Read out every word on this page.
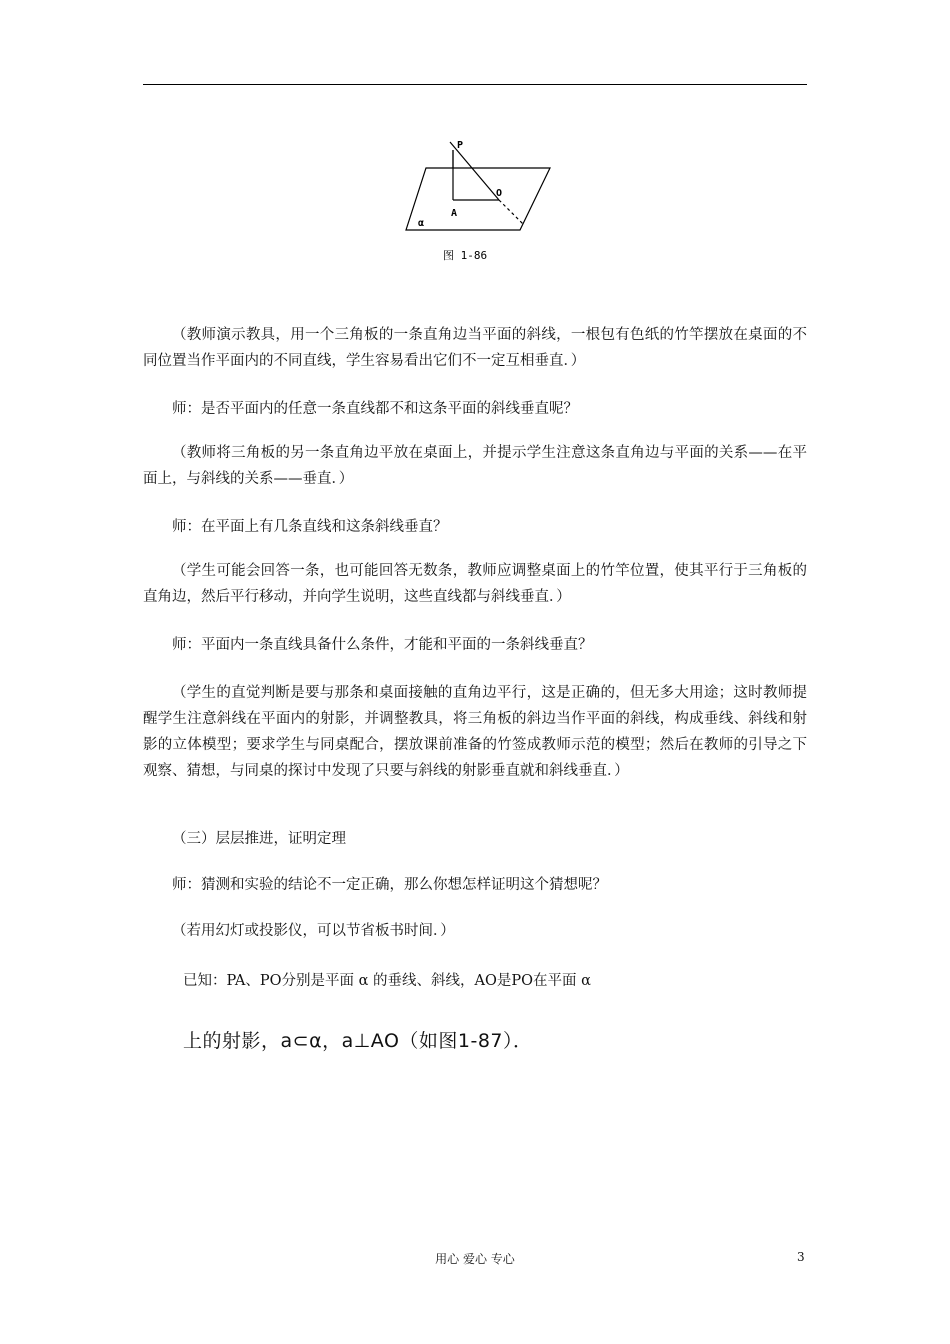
P
O
A
α
图 1-86

（教师演示教具，用一个三角板的一条直角边当平面的斜线，一根包有色纸的竹竿摆放在桌面的不同位置当作平面内的不同直线，学生容易看出它们不一定互相垂直．）

师：是否平面内的任意一条直线都不和这条平面的斜线垂直呢？

（教师将三角板的另一条直角边平放在桌面上，并提示学生注意这条直角边与平面的关系——在平面上，与斜线的关系——垂直．）

师：在平面上有几条直线和这条斜线垂直？

（学生可能会回答一条，也可能回答无数条，教师应调整桌面上的竹竿位置，使其平行于三角板的直角边，然后平行移动，并向学生说明，这些直线都与斜线垂直．）

师：平面内一条直线具备什么条件，才能和平面的一条斜线垂直？

（学生的直觉判断是要与那条和桌面接触的直角边平行，这是正确的，但无多大用途；这时教师提醒学生注意斜线在平面内的射影，并调整教具，将三角板的斜边当作平面的斜线，构成垂线、斜线和射影的立体模型；要求学生与同桌配合，摆放课前准备的竹签成教师示范的模型；然后在教师的引导之下观察、猜想，与同桌的探讨中发现了只要与斜线的射影垂直就和斜线垂直．）

（三）层层推进，证明定理

师：猜测和实验的结论不一定正确，那么你想怎样证明这个猜想呢？

（若用幻灯或投影仪，可以节省板书时间．）

已知：PA、PO分别是平面 α 的垂线、斜线，AO是PO在平面 α

上的射影，a⊂α，a⊥AO（如图1-87）．

用心 爱心 专心	3
